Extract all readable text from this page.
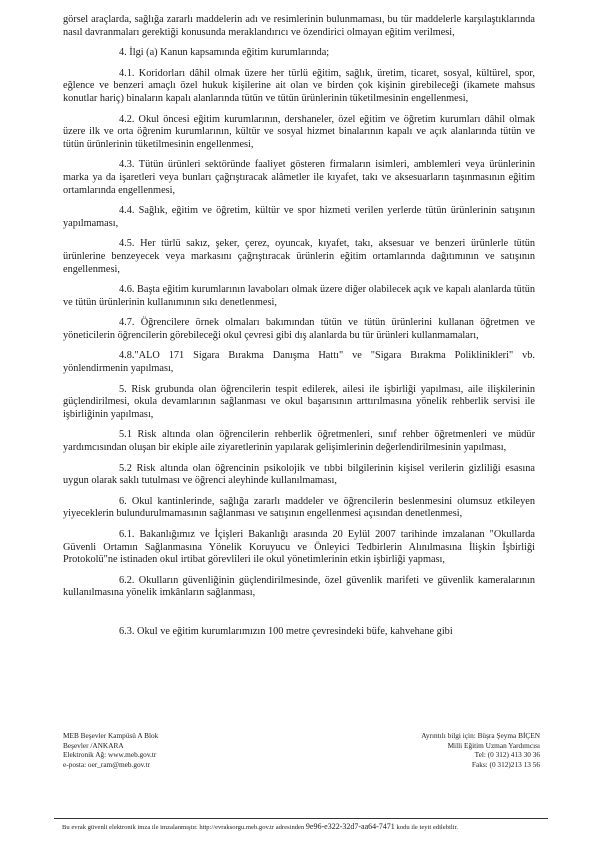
görsel araçlarda, sağlığa zararlı maddelerin adı ve resimlerinin bulunmaması, bu tür maddelerle karşılaştıklarında nasıl davranmaları gerektiği konusunda meraklandırıcı ve özendirici olmayan eğitim verilmesi,

4. İlgi (a) Kanun kapsamında eğitim kurumlarında;

4.1. Koridorları dâhil olmak üzere her türlü eğitim, sağlık, üretim, ticaret, sosyal, kültürel, spor, eğlence ve benzeri amaçlı özel hukuk kişilerine ait olan ve birden çok kişinin girebileceği (ikamete mahsus konutlar hariç) binaların kapalı alanlarında tütün ve tütün ürünlerinin tüketilmesinin engellenmesi,

4.2. Okul öncesi eğitim kurumlarının, dershaneler, özel eğitim ve öğretim kurumları dâhil olmak üzere ilk ve orta öğrenim kurumlarının, kültür ve sosyal hizmet binalarının kapalı ve açık alanlarında tütün ve tütün ürünlerinin tüketilmesinin engellenmesi,

4.3. Tütün ürünleri sektöründe faaliyet gösteren firmaların isimleri, amblemleri veya ürünlerinin marka ya da işaretleri veya bunları çağrıştıracak alâmetler ile kıyafet, takı ve aksesuarların taşınmasının eğitim ortamlarında engellenmesi,

4.4. Sağlık, eğitim ve öğretim, kültür ve spor hizmeti verilen yerlerde tütün ürünlerinin satışının yapılmaması,

4.5. Her türlü sakız, şeker, çerez, oyuncak, kıyafet, takı, aksesuar ve benzeri ürünlerle tütün ürünlerine benzeyecek veya markasını çağrıştıracak ürünlerin eğitim ortamlarında dağıtımının ve satışının engellenmesi,

4.6. Başta eğitim kurumlarının lavaboları olmak üzere diğer olabilecek açık ve kapalı alanlarda tütün ve tütün ürünlerinin kullanımının sıkı denetlenmesi,

4.7. Öğrencilere örnek olmaları bakımından tütün ve tütün ürünlerini kullanan öğretmen ve yöneticilerin öğrencilerin görebileceği okul çevresi gibi dış alanlarda bu tür ürünleri kullanmamaları,

4.8."ALO 171 Sigara Bırakma Danışma Hattı" ve "Sigara Bırakma Poliklinikleri" vb. yönlendirmenin yapılması,

5. Risk grubunda olan öğrencilerin tespit edilerek, ailesi ile işbirliği yapılması, aile ilişkilerinin güçlendirilmesi, okula devamlarının sağlanması ve okul başarısının arttırılmasına yönelik rehberlik servisi ile işbirliğinin yapılması,

5.1 Risk altında olan öğrencilerin rehberlik öğretmenleri, sınıf rehber öğretmenleri ve müdür yardımcısından oluşan bir ekiple aile ziyaretlerinin yapılarak gelişimlerinin değerlendirilmesinin yapılması,

5.2 Risk altında olan öğrencinin psikolojik ve tıbbi bilgilerinin kişisel verilerin gizliliği esasına uygun olarak saklı tutulması ve öğrenci aleyhinde kullanılmaması,

6. Okul kantinlerinde, sağlığa zararlı maddeler ve öğrencilerin beslenmesini olumsuz etkileyen yiyeceklerin bulundurulmamasının sağlanması ve satışının engellenmesi açısından denetlenmesi,

6.1. Bakanlığımız ve İçişleri Bakanlığı arasında 20 Eylül 2007 tarihinde imzalanan "Okullarda Güvenli Ortamın Sağlanmasına Yönelik Koruyucu ve Önleyici Tedbirlerin Alınılmasına İlişkin İşbirliği Protokolü"ne istinaden okul irtibat görevlileri ile okul yönetimlerinin etkin işbirliği yapması,

6.2. Okulların güvenliğinin güçlendirilmesinde, özel güvenlik marifeti ve güvenlik kameralarının kullanılmasına yönelik imkânların sağlanması,

6.3. Okul ve eğitim kurumlarımızın 100 metre çevresindeki büfe, kahvehane gibi

MEB Beşevler Kampüsü A Blok
Beşevler /ANKARA
Elektronik Ağ: www.meb.gov.tr
e-posta: oer_ram@meb.gov.tr
Ayrıntılı bilgi için: Büşra Şeyma BİÇEN
Milli Eğitim Uzman Yardımcısı
Tel: (0 312) 413 30 36
Faks: (0 312)213 13 56
Bu evrak güvenli elektronik imza ile imzalanmıştır. http://evraksorgu.meb.gov.tr adresinden 9e96-e322-32d7-aa64-7471 kodu ile teyit edilebilir.
